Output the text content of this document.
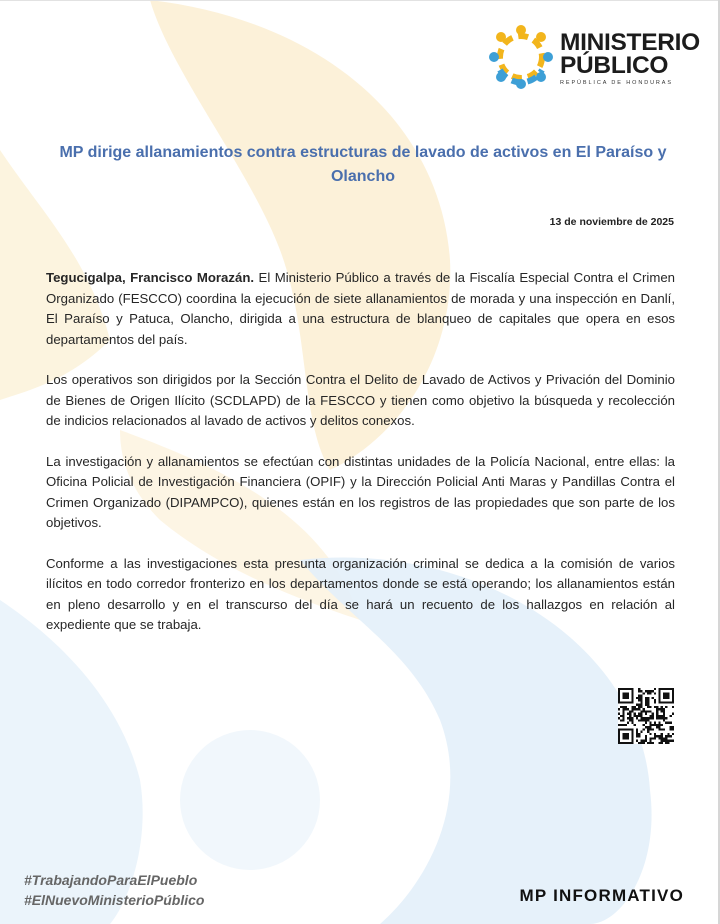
MINISTERIO
PÚBLICO
REPÚBLICA DE HONDURAS
MP dirige allanamientos contra estructuras de lavado de activos en El Paraíso y Olancho
13 de noviembre de 2025

Tegucigalpa, Francisco Morazán. El Ministerio Público a través de la Fiscalía Especial Contra el Crimen Organizado (FESCCO) coordina la ejecución de siete allanamientos de morada y una inspección en Danlí, El Paraíso y Patuca, Olancho, dirigida a una estructura de blanqueo de capitales que opera en esos departamentos del país.

Los operativos son dirigidos por la Sección Contra el Delito de Lavado de Activos y Privación del Dominio de Bienes de Origen Ilícito (SCDLAPD) de la FESCCO y tienen como objetivo la búsqueda y recolección de indicios relacionados al lavado de activos y delitos conexos.

La investigación y allanamientos se efectúan con distintas unidades de la Policía Nacional, entre ellas: la Oficina Policial de Investigación Financiera (OPIF) y la Dirección Policial Anti Maras y Pandillas Contra el Crimen Organizado (DIPAMPCO), quienes están en los registros de las propiedades que son parte de los objetivos.

Conforme a las investigaciones esta presunta organización criminal se dedica a la comisión de varios ilícitos en todo corredor fronterizo en los departamentos donde se está operando; los allanamientos están en pleno desarrollo y en el transcurso del día se hará un recuento de los hallazgos en relación al expediente que se trabaja.

#TrabajandoParaElPueblo
#ElNuevoMinisterioPúblico	MP INFORMATIVO
